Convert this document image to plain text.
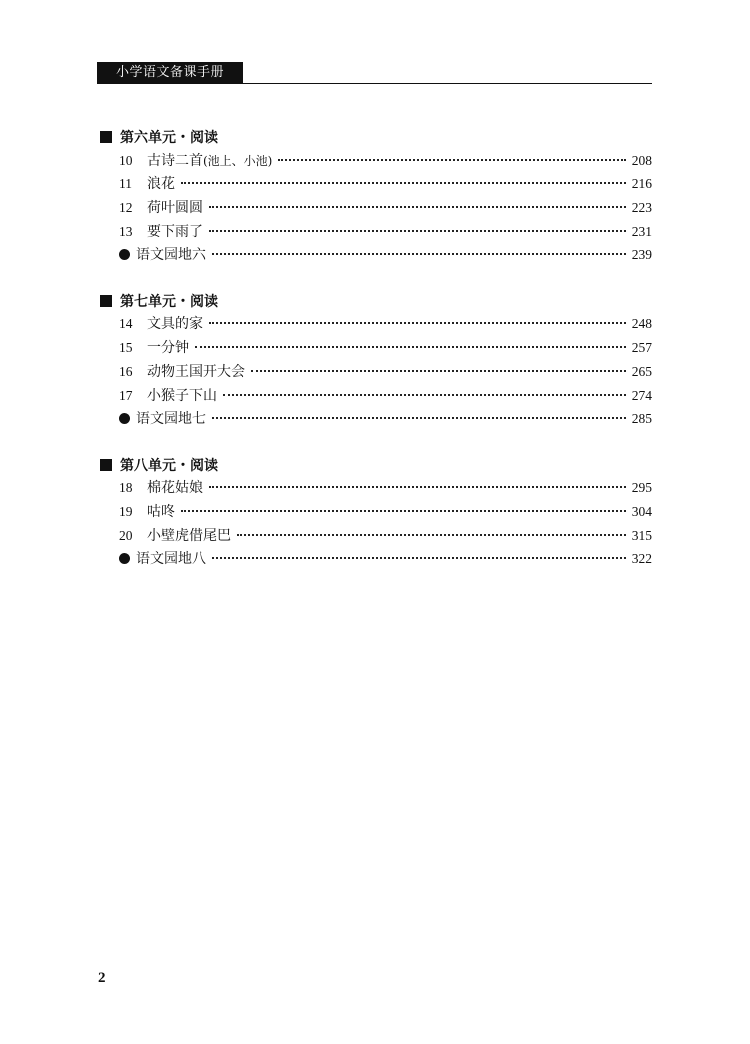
小学语文备课手册
第六单元・阅读
10	古诗二首(池上、小池)	208
11	浪花	216
12	荷叶圆圆	223
13	要下雨了	231
语文园地六	239
第七单元・阅读
14	文具的家	248
15	一分钟	257
16	动物王国开大会	265
17	小猴子下山	274
语文园地七	285
第八单元・阅读
18	棉花姑娘	295
19	咕咚	304
20	小壁虎借尾巴	315
语文园地八	322
2
